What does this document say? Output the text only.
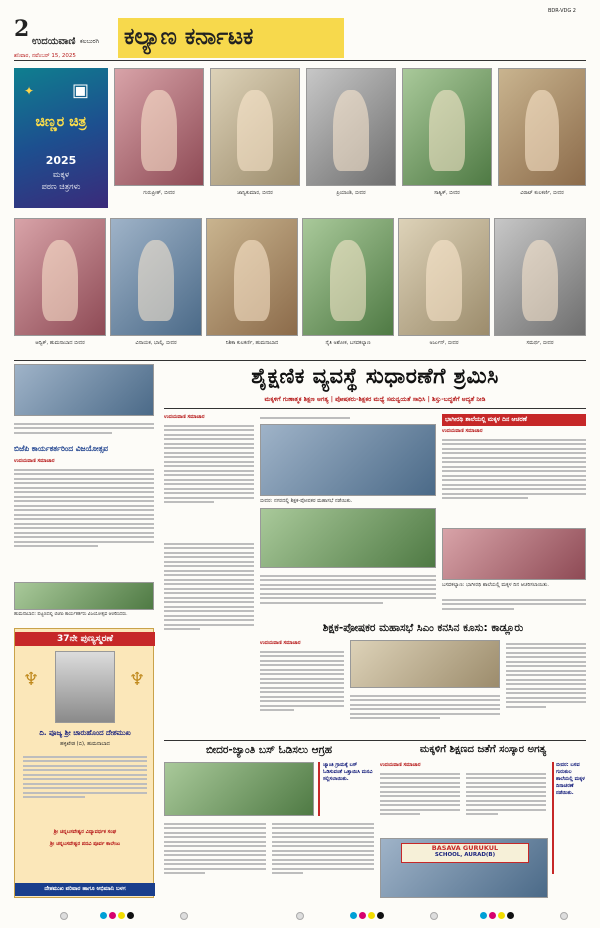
2 ಉದಯವಾಣಿ ಕಲಬುರಗಿ
ಶನಿವಾರ, ನವೆಂಬರ್ 15, 2025
ಕಲ್ಯಾಣ ಕರ್ನಾಟಕ
BDR-VDG 2
ಚಿಣ್ಣರ ಚಿತ್ರ
2025
ಮಕ್ಕಳ
ಪಠಣ ಚಿತ್ರಗಳು
✦ ▣
ಗುರುಪ್ರೀತ್, ಬೀದರ	ಜಾನ್ವಿಕುಮಾರ, ಬೀದರ	ಪ್ರಿಯಾಂಶಿ, ಬೀದರ	ಸಾತ್ವಿಕ್, ಬೀದರ	ವಿರಾಟ್ ಕುಲಕರ್ಣಿ, ಬೀದರ
ಆದ್ವಿಕ್, ಹುಮನಾಬಾದ ಬೀದರ	ವಿನಾಯಕ, ಭಾಲ್ಕಿ, ಬೀದರ	ನಿಶಿಕಾ ಕುಲಕರ್ಣಿ, ಹುಮನಾಬಾದ	ನೈತಿ ಅಶೋಕ, ಬಸವಕಲ್ಯಾಣ	ಅರ್ಜುನ್, ಬೀದರ	ಸಮರ್ಥ, ಬೀದರ
ಬಿಜೆಪಿ ಕಾರ್ಯಕರ್ತರಿಂದ ವಿಜಯೋತ್ಸವ
ಉದಯವಾಣಿ ಸಮಾಚಾರ
ಹುಮನಾಬಾದ: ಪಟ್ಟಣದಲ್ಲಿ ಬಿಜೆಪಿ ಕಾರ್ಯಕರ್ತರು ವಿಜಯೋತ್ಸವ ಆಚರಿಸಿದರು.
37ನೇ ಪುಣ್ಯಸ್ಮರಣೆ
♆	♆
ದಿ. ಪೂಜ್ಯ ಶ್ರೀ ಚಾರುಹೊಂದ ದೇಶಮುಖ
ಹಳ್ಳಿಖೇಡ (ಬಿ), ಹುಮನಾಬಾದ
ಶ್ರೀ ಚನ್ನಬಸವೇಶ್ವರ ವಿದ್ಯಾವರ್ಧಕ ಸಂಘ
ಶ್ರೀ ಚನ್ನಬಸವೇಶ್ವರ ಪದವಿ ಪೂರ್ವ ಕಾಲೇಜು
ದೇಶಮುಖ ಪರಿವಾರ ಹಾಗೂ ಅಭಿಮಾನಿ ಬಳಗ
ಶೈಕ್ಷಣಿಕ ವ್ಯವಸ್ಥೆ ಸುಧಾರಣೆಗೆ ಶ್ರಮಿಸಿ
ಮಕ್ಕಳಿಗೆ ಗುಣಾತ್ಮಕ ಶಿಕ್ಷಣ ಅಗತ್ಯ | ಪೋಷಕರು-ಶಿಕ್ಷಕರ ಮಧ್ಯೆ ಸಮನ್ವಯತೆ ಸಾಧಿಸಿ | ಶಿಸ್ತು-ಬದ್ಧತೆಗೆ ಆದ್ಯತೆ ನೀಡಿ
ಉದಯವಾಣಿ ಸಮಾಚಾರ
ಬೀದರ: ನಗರದಲ್ಲಿ ಶಿಕ್ಷಕ-ಪೋಷಕರ ಮಹಾಸಭೆ ನಡೆಯಿತು.
ಭಾಗೀರಥಿ ಶಾಲೆಯಲ್ಲಿ ಮಕ್ಕಳ ದಿನ ಆಚರಣೆ
ಉದಯವಾಣಿ ಸಮಾಚಾರ
ಬಸವಕಲ್ಯಾಣ: ಭಾಗೀರಥಿ ಶಾಲೆಯಲ್ಲಿ ಮಕ್ಕಳ ದಿನ ಆಚರಿಸಲಾಯಿತು.
ಶಿಕ್ಷಕ-ಪೋಷಕರ ಮಹಾಸಭೆ ಸಿಎಂ ಕನಸಿನ ಕೂಸು: ಕಾಡ್ಲೂರು
ಉದಯವಾಣಿ ಸಮಾಚಾರ
ಬೀದರ-ಜ್ಯಾಂತಿ ಬಸ್ ಓಡಿಸಲು ಆಗ್ರಹ
ಜ್ಯಾಂತಿ ಗ್ರಾಮಕ್ಕೆ ಬಸ್ ಓಡಿಸುವಂತೆ ಒತ್ತಾಯಿಸಿ ಮನವಿ ಸಲ್ಲಿಸಲಾಯಿತು.
ಮಕ್ಕಳಿಗೆ ಶಿಕ್ಷಣದ ಜತೆಗೆ ಸಂಸ್ಕಾರ ಅಗತ್ಯ
ಉದಯವಾಣಿ ಸಮಾಚಾರ	ಬೀದರ: ಬಸವ ಗುರುಕುಲ ಶಾಲೆಯಲ್ಲಿ ಮಕ್ಕಳ ದಿನಾಚರಣೆ ನಡೆಯಿತು.
BASAVA GURUKUL
SCHOOL, AURAD(B)
